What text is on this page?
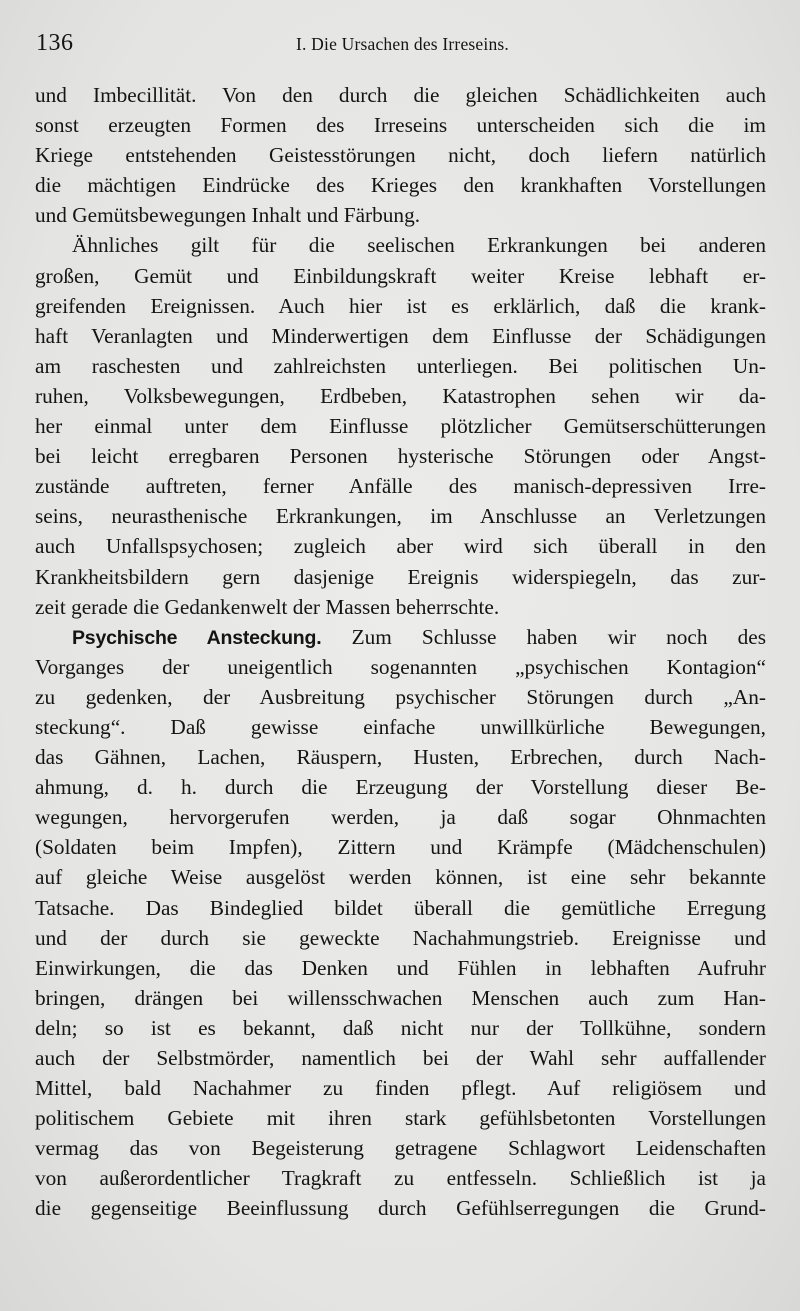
136	I. Die Ursachen des Irreseins.
und Imbecillität. Von den durch die gleichen Schädlichkeiten auch
sonst erzeugten Formen des Irreseins unterscheiden sich die im
Kriege entstehenden Geistesstörungen nicht, doch liefern natürlich
die mächtigen Eindrücke des Krieges den krankhaften Vorstellungen
und Gemütsbewegungen Inhalt und Färbung.
Ähnliches gilt für die seelischen Erkrankungen bei anderen
großen, Gemüt und Einbildungskraft weiter Kreise lebhaft er-
greifenden Ereignissen. Auch hier ist es erklärlich, daß die krank-
haft Veranlagten und Minderwertigen dem Einflusse der Schädigungen
am raschesten und zahlreichsten unterliegen. Bei politischen Un-
ruhen, Volksbewegungen, Erdbeben, Katastrophen sehen wir da-
her einmal unter dem Einflusse plötzlicher Gemütserschütterungen
bei leicht erregbaren Personen hysterische Störungen oder Angst-
zustände auftreten, ferner Anfälle des manisch-depressiven Irre-
seins, neurasthenische Erkrankungen, im Anschlusse an Verletzungen
auch Unfallspsychosen; zugleich aber wird sich überall in den
Krankheitsbildern gern dasjenige Ereignis widerspiegeln, das zur-
zeit gerade die Gedankenwelt der Massen beherrschte.
Psychische Ansteckung. Zum Schlusse haben wir noch des
Vorganges der uneigentlich sogenannten „psychischen Kontagion“
zu gedenken, der Ausbreitung psychischer Störungen durch „An-
steckung“. Daß gewisse einfache unwillkürliche Bewegungen,
das Gähnen, Lachen, Räuspern, Husten, Erbrechen, durch Nach-
ahmung, d. h. durch die Erzeugung der Vorstellung dieser Be-
wegungen, hervorgerufen werden, ja daß sogar Ohnmachten
(Soldaten beim Impfen), Zittern und Krämpfe (Mädchenschulen)
auf gleiche Weise ausgelöst werden können, ist eine sehr bekannte
Tatsache. Das Bindeglied bildet überall die gemütliche Erregung
und der durch sie geweckte Nachahmungstrieb. Ereignisse und
Einwirkungen, die das Denken und Fühlen in lebhaften Aufruhr
bringen, drängen bei willensschwachen Menschen auch zum Han-
deln; so ist es bekannt, daß nicht nur der Tollkühne, sondern
auch der Selbstmörder, namentlich bei der Wahl sehr auffallender
Mittel, bald Nachahmer zu finden pflegt. Auf religiösem und
politischem Gebiete mit ihren stark gefühlsbetonten Vorstellungen
vermag das von Begeisterung getragene Schlagwort Leidenschaften
von außerordentlicher Tragkraft zu entfesseln. Schließlich ist ja
die gegenseitige Beeinflussung durch Gefühlserregungen die Grund-
